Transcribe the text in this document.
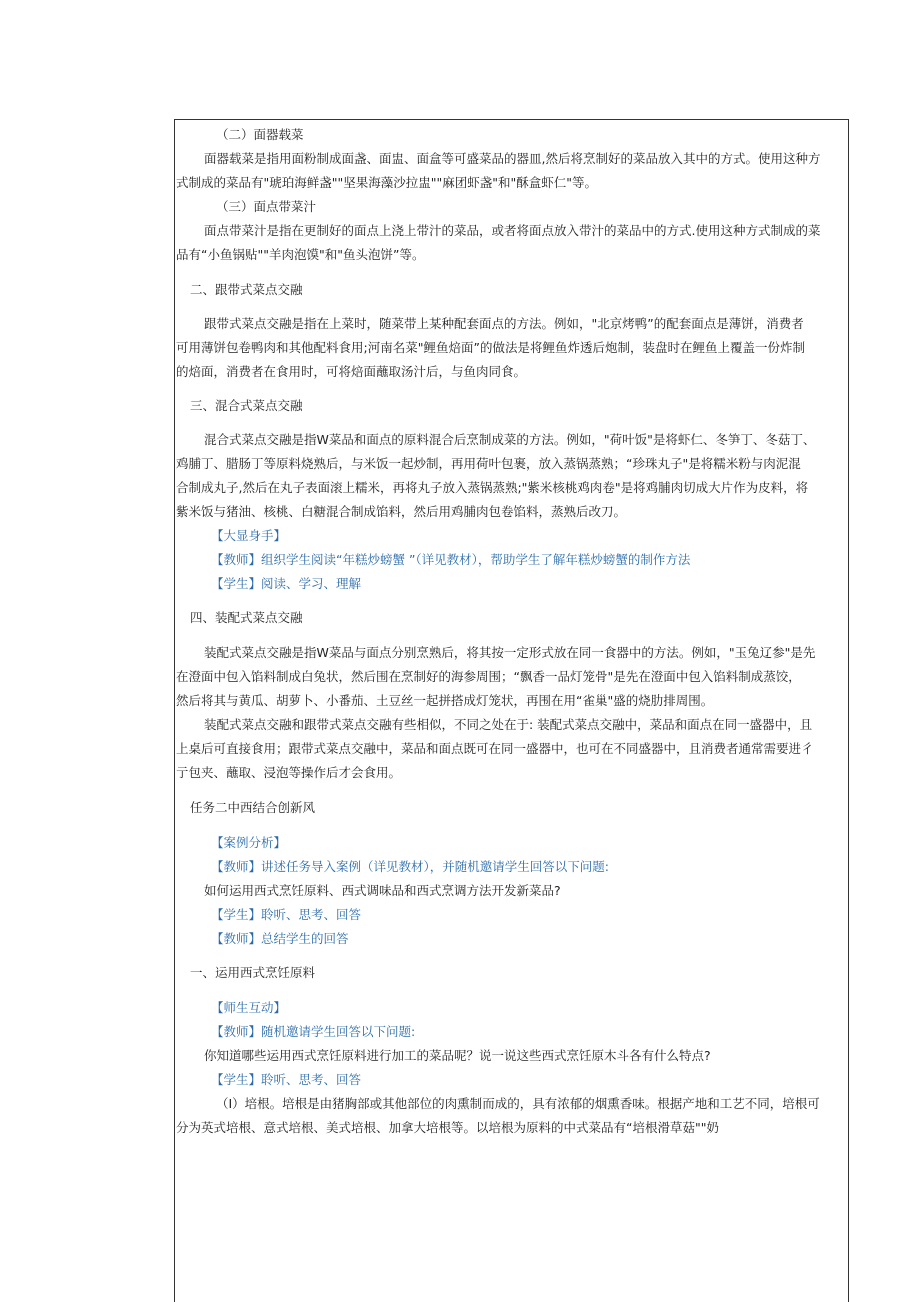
（二）面器载菜
面器载菜是指用面粉制成面盏、面盅、面盒等可盛菜品的器皿,然后将烹制好的菜品放入其中的方式。使用这种方
式制成的菜品有"琥珀海鲜盏""坚果海藻沙拉盅""麻团虾盏"和"酥盒虾仁"等。
（三）面点带菜汁
面点带菜汁是指在更制好的面点上浇上带汁的菜品，或者将面点放入带汁的菜品中的方式.使用这种方式制成的菜
品有“小鱼锅贴""羊肉泡馍"和"鱼头泡饼”等。
二、跟带式菜点交融
跟带式菜点交融是指在上菜时，随菜带上某种配套面点的方法。例如，"北京烤鸭”的配套面点是薄饼，消费者
可用薄饼包卷鸭肉和其他配料食用;河南名菜"鲤鱼焙面”的做法是将鲤鱼炸透后炮制，装盘时在鲤鱼上覆盖一份炸制
的焙面，消费者在食用时，可将焙面蘸取汤汁后，与鱼肉同食。
三、混合式菜点交融
混合式菜点交融是指W菜品和面点的原料混合后烹制成菜的方法。例如，"荷叶饭"是将虾仁、冬笋丁、冬菇丁、
鸡脯丁、腊肠丁等原料烧熟后，与米饭一起炒制，再用荷叶包裹，放入蒸锅蒸熟；“珍珠丸子"是将糯米粉与肉泥混
合制成丸子,然后在丸子表面滚上糯米，再将丸子放入蒸锅蒸熟;"紫米核桃鸡肉卷"是将鸡脯肉切成大片作为皮料，将
紫米饭与猪油、核桃、白糖混合制成馅料，然后用鸡脯肉包卷馅料，蒸熟后改刀。
【大显身手】
【教师】组织学生阅读“年糕炒螃蟹 ”（详见教材），帮助学生了解年糕炒螃蟹的制作方法
【学生】阅读、学习、理解
四、装配式菜点交融
装配式菜点交融是指W菜品与面点分别烹熟后，将其按一定形式放在同一食器中的方法。例如，"玉兔辽参"是先
在澄面中包入馅料制成白兔状，然后围在烹制好的海参周围；“飘香一品灯笼骨"是先在澄面中包入馅料制成蒸饺，
然后将其与黄瓜、胡萝卜、小番茄、土豆丝一起拼搭成灯笼状，再围在用“雀巢"盛的烧肋排周围。
装配式菜点交融和跟带式菜点交融有些相似，不同之处在于: 装配式菜点交融中，菜品和面点在同一盛器中，且
上桌后可直接食用；跟带式菜点交融中，菜品和面点既可在同一盛器中，也可在不同盛器中，且消费者通常需要进彳
亍包夹、蘸取、浸泡等操作后才会食用。
任务二中西结合创新风
【案例分析】
【教师】讲述任务导入案例（详见教材），并随机邀请学生回答以下问题:
如何运用西式烹饪原料、西式调味品和西式烹调方法开发新菜品?
【学生】聆听、思考、回答
【教师】总结学生的回答
一、运用西式烹饪原料
【师生互动】
【教师】随机邀请学生回答以下问题:
你知道哪些运用西式烹饪原料进行加工的菜品呢？说一说这些西式烹饪原木斗各有什么特点?
【学生】聆听、思考、回答
（I）培根。培根是由猪胸部或其他部位的肉熏制而成的，具有浓郁的烟熏香味。根据产地和工艺不同，培根可
分为英式培根、意式培根、美式培根、加拿大培根等。以培根为原料的中式菜品有“培根滑草菇""奶
